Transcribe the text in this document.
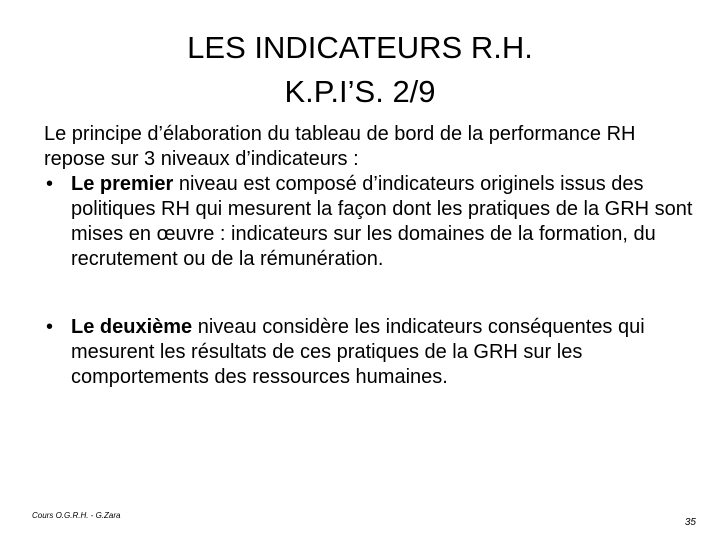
LES INDICATEURS R.H.
K.P.I’S. 2/9

Le principe d’élaboration du tableau de bord de la performance RH repose sur 3 niveaux d’indicateurs :

• Le premier niveau est composé d’indicateurs originels issus des politiques RH qui mesurent la façon dont les pratiques de la GRH sont mises en œuvre : indicateurs sur les domaines de la formation, du recrutement ou de la rémunération.
• Le deuxième niveau considère les indicateurs conséquentes qui mesurent les résultats de ces pratiques de la GRH sur les comportements des ressources humaines.
Cours O.G.R.H. - G.Zara
35
